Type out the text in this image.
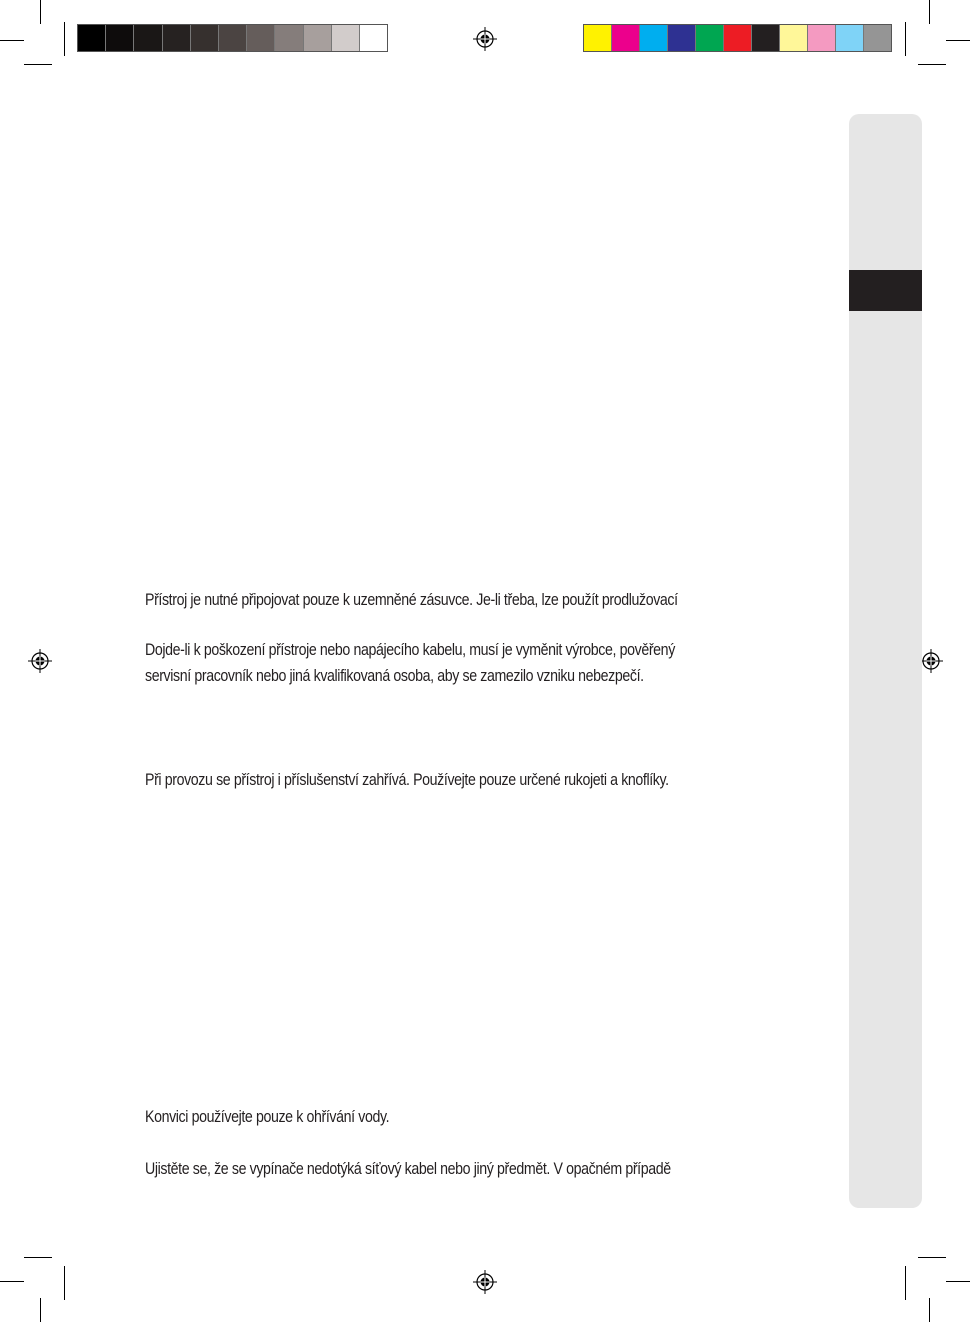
Přístroj je nutné připojovat pouze k uzemněné zásuvce. Je-li třeba, lze použít prodlužovací

Dojde-li k poškození přístroje nebo napájecího kabelu, musí je vyměnit výrobce, pověřený
servisní pracovník nebo jiná kvalifikovaná osoba, aby se zamezilo vzniku nebezpečí.

Při provozu se přístroj i příslušenství zahřívá. Používejte pouze určené rukojeti a knoflíky.

Konvici používejte pouze k ohřívání vody.

Ujistěte se, že se vypínače nedotýká síťový kabel nebo jiný předmět. V opačném případě
